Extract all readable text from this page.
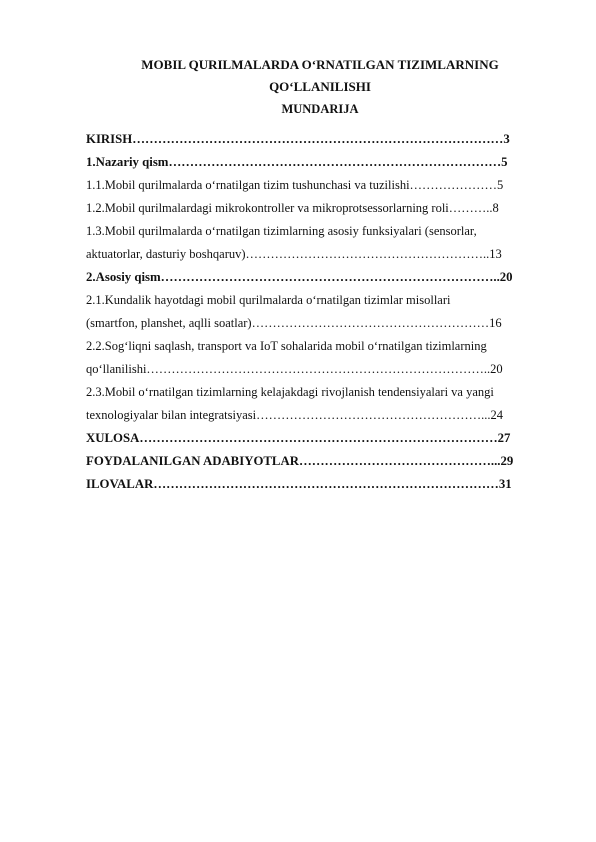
MOBIL QURILMALARDA O‘RNATILGAN TIZIMLARNING
QO‘LLANILISHI
MUNDARIJA
KIRISH……………………………………………………………………………3
1.Nazariy qism……………………………………………………………………5
1.1.Mobil qurilmalarda o‘rnatilgan tizim tushunchasi va tuzilishi…………………5
1.2.Mobil qurilmalardagi mikrokontroller va mikroprotsessorlarning roli………..8
1.3.Mobil qurilmalarda o‘rnatilgan tizimlarning asosiy funksiyalari (sensorlar,
aktuatorlar, dasturiy boshqaruv)…………………………………………………..13
2.Asosiy qism……………………………………………………………………..20
2.1.Kundalik hayotdagi mobil qurilmalarda o‘rnatilgan tizimlar misollari
(smartfon, planshet, aqlli soatlar)…………………………………………………16
2.2.Sog‘liqni saqlash, transport va IoT sohalarida mobil o‘rnatilgan tizimlarning
qo‘llanilishi………………………………………………………………………..20
2.3.Mobil o‘rnatilgan tizimlarning kelajakdagi rivojlanish tendensiyalari va yangi
texnologiyalar bilan integratsiyasi………………………………………………...24
XULOSA…………………………………………………………………………27
FOYDALANILGAN ADABIYOTLAR………………………………………...29
ILOVALAR………………………………………………………………………31
